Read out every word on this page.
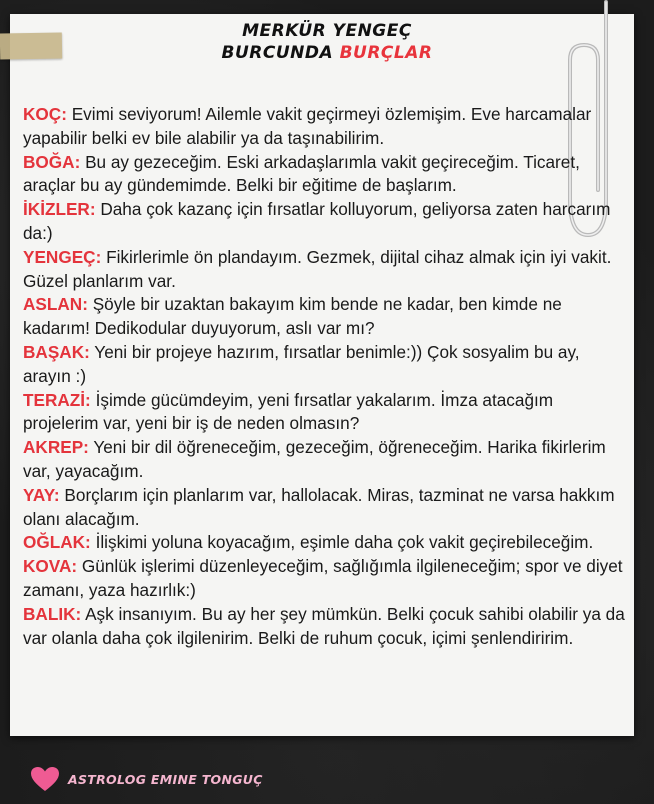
MERKÜR YENGEÇ
BURCUNDA BURÇLAR

KOÇ: Evimi seviyorum! Ailemle vakit geçirmeyi özlemişim. Eve harcamalar yapabilir belki ev bile alabilir ya da taşınabilirim.

BOĞA: Bu ay gezeceğim. Eski arkadaşlarımla vakit geçireceğim. Ticaret, araçlar bu ay gündemimde. Belki bir eğitime de başlarım.

İKİZLER: Daha çok kazanç için fırsatlar kolluyorum, geliyorsa zaten harcarım da:)

YENGEÇ: Fikirlerimle ön plandayım. Gezmek, dijital cihaz almak için iyi vakit. Güzel planlarım var.

ASLAN: Şöyle bir uzaktan bakayım kim bende ne kadar, ben kimde ne kadarım! Dedikodular duyuyorum, aslı var mı?

BAŞAK: Yeni bir projeye hazırım, fırsatlar benimle:)) Çok sosyalim bu ay, arayın :)

TERAZİ: İşimde gücümdeyim, yeni fırsatlar yakalarım. İmza atacağım projelerim var, yeni bir iş de neden olmasın?

AKREP: Yeni bir dil öğreneceğim, gezeceğim, öğreneceğim. Harika fikirlerim var, yayacağım.

YAY: Borçlarım için planlarım var, hallolacak. Miras, tazminat ne varsa hakkım olanı alacağım.

OĞLAK: İlişkimi yoluna koyacağım, eşimle daha çok vakit geçirebileceğim.

KOVA: Günlük işlerimi düzenleyeceğim, sağlığımla ilgileneceğim; spor ve diyet zamanı, yaza hazırlık:)

BALIK: Aşk insanıyım. Bu ay her şey mümkün. Belki çocuk sahibi olabilir ya da var olanla daha çok ilgilenirim. Belki de ruhum çocuk, içimi şenlendiririm.

ASTROLOG EMINE TONGUÇ
